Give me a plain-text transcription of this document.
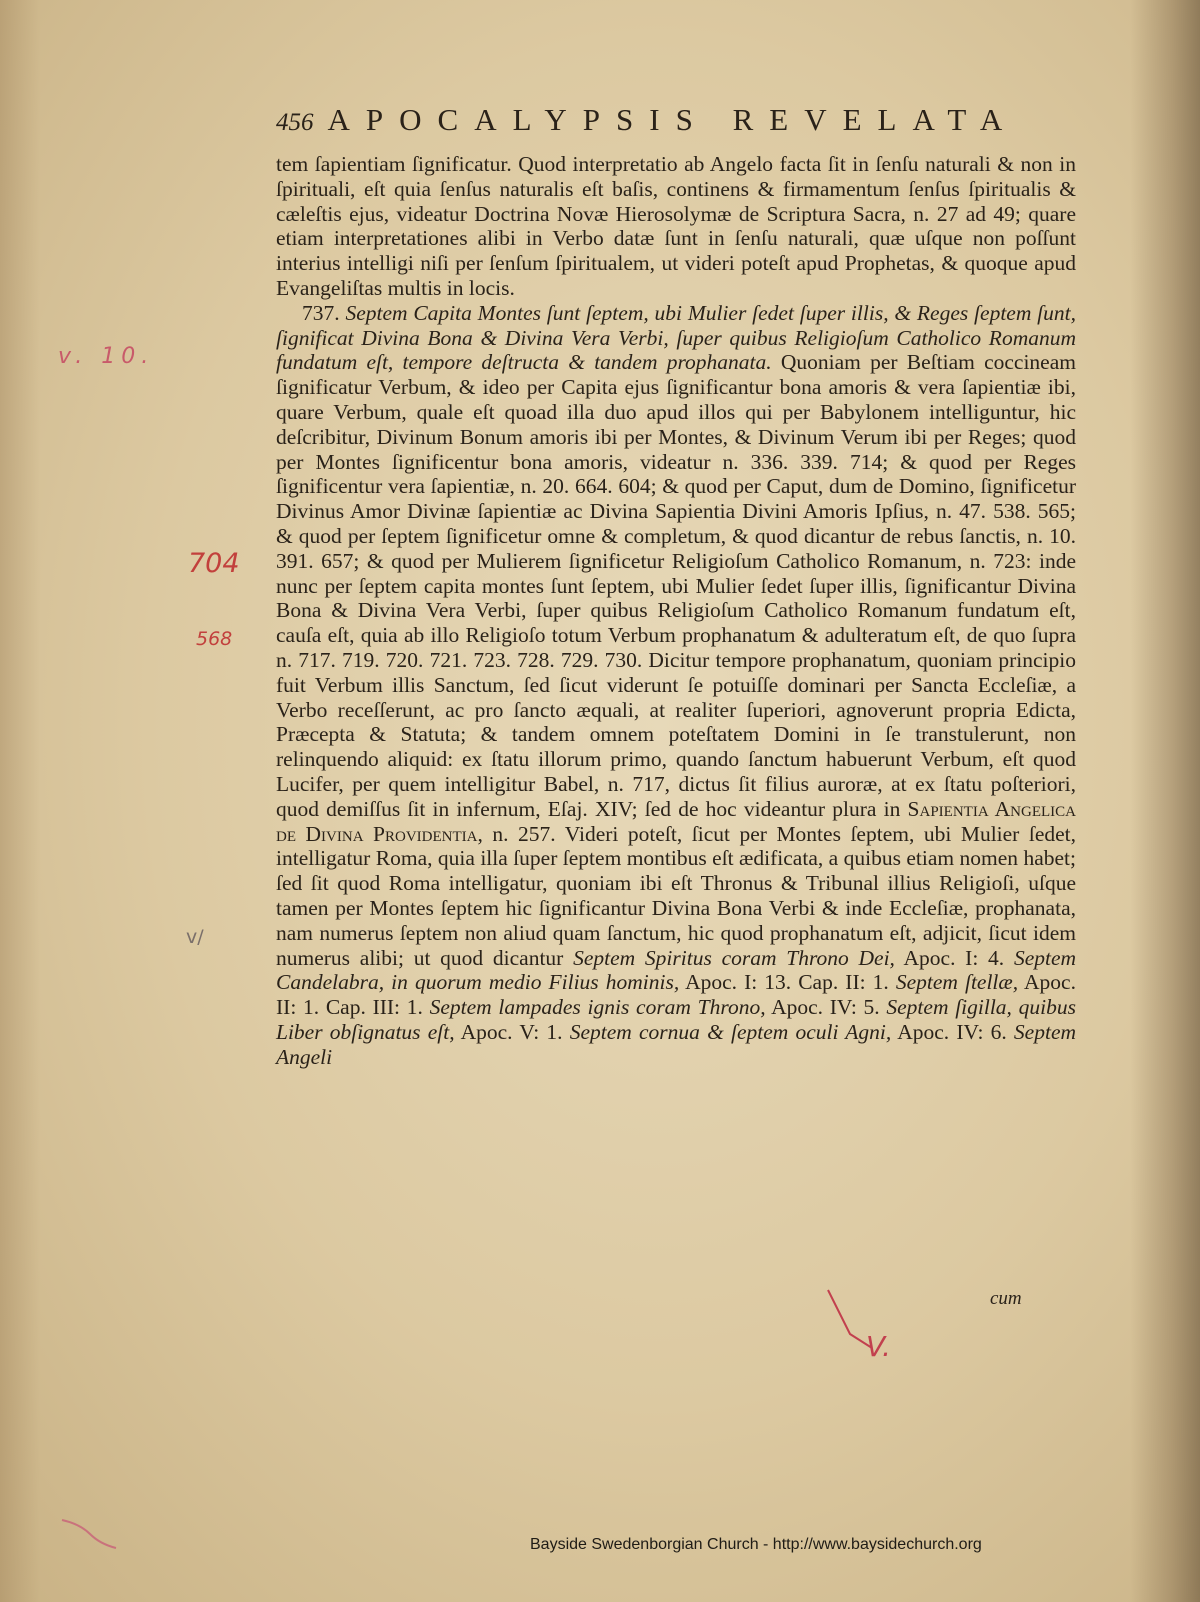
456 APOCALYPSIS REVELATA

tem ſapientiam ſignificatur. Quod interpretatio ab Angelo facta ſit in ſenſu naturali & non in ſpirituali, eſt quia ſenſus naturalis eſt baſis, continens & firmamentum ſenſus ſpiritualis & cæleſtis ejus, videatur Doctrina Novæ Hierosolymæ de Scriptura Sacra, n. 27 ad 49; quare etiam interpretationes alibi in Verbo datæ ſunt in ſenſu naturali, quæ uſque non poſſunt interius intelligi niſi per ſenſum ſpiritualem, ut videri poteſt apud Prophetas, & quoque apud Evangeliſtas multis in locis.

737. Septem Capita Montes ſunt ſeptem, ubi Mulier ſedet ſuper illis, & Reges ſeptem ſunt, ſignificat Divina Bona & Divina Vera Verbi, ſuper quibus Religioſum Catholico Romanum fundatum eſt, tempore deſtructa & tandem prophanata. Quoniam per Beſtiam coccineam ſignificatur Verbum, & ideo per Capita ejus ſignificantur bona amoris & vera ſapientiæ ibi, quare Verbum, quale eſt quoad illa duo apud illos qui per Babylonem intelliguntur, hic deſcribitur, Divinum Bonum amoris ibi per Montes, & Divinum Verum ibi per Reges; quod per Montes ſignificentur bona amoris, videatur n. 336. 339. 714; & quod per Reges ſignificentur vera ſapientiæ, n. 20. 664. 604; & quod per Caput, dum de Domino, ſignificetur Divinus Amor Divinæ ſapientiæ ac Divina Sapientia Divini Amoris Ipſius, n. 47. 538. 565; & quod per ſeptem ſignificetur omne & completum, & quod dicantur de rebus ſanctis, n. 10. 391. 657; & quod per Mulierem ſignificetur Religioſum Catholico Romanum, n. 723: inde nunc per ſeptem capita montes ſunt ſeptem, ubi Mulier ſedet ſuper illis, ſignificantur Divina Bona & Divina Vera Verbi, ſuper quibus Religioſum Catholico Romanum fundatum eſt, cauſa eſt, quia ab illo Religioſo totum Verbum prophanatum & adulteratum eſt, de quo ſupra n. 717. 719. 720. 721. 723. 728. 729. 730. Dicitur tempore prophanatum, quoniam principio fuit Verbum illis Sanctum, ſed ſicut viderunt ſe potuiſſe dominari per Sancta Eccleſiæ, a Verbo receſſerunt, ac pro ſancto æquali, at realiter ſuperiori, agnoverunt propria Edicta, Præcepta & Statuta; & tandem omnem poteſtatem Domini in ſe transtulerunt, non relinquendo aliquid: ex ſtatu illorum primo, quando ſanctum habuerunt Verbum, eſt quod Lucifer, per quem intelligitur Babel, n. 717, dictus ſit filius auroræ, at ex ſtatu poſteriori, quod demiſſus ſit in infernum, Eſaj. XIV; ſed de hoc videantur plura in Sapientia Angelica de Divina Providentia, n. 257. Videri poteſt, ſicut per Montes ſeptem, ubi Mulier ſedet, intelligatur Roma, quia illa ſuper ſeptem montibus eſt ædificata, a quibus etiam nomen habet; ſed ſit quod Roma intelligatur, quoniam ibi eſt Thronus & Tribunal illius Religioſi, uſque tamen per Montes ſeptem hic ſignificantur Divina Bona Verbi & inde Eccleſiæ, prophanata, nam numerus ſeptem non aliud quam ſanctum, hic quod prophanatum eſt, adjicit, ſicut idem numerus alibi; ut quod dicantur Septem Spiritus coram Throno Dei, Apoc. I: 4. Septem Candelabra, in quorum medio Filius hominis, Apoc. I: 13. Cap. II: 1. Septem ſtellæ, Apoc. II: 1. Cap. III: 1. Septem lampades ignis coram Throno, Apoc. IV: 5. Septem ſigilla, quibus Liber obſignatus eſt, Apoc. V: 1. Septem cornua & ſeptem oculi Agni, Apoc. IV: 6. Septem Angeli

cum
v. 10.
704
568
v/
V.
Bayside Swedenborgian Church - http://www.baysidechurch.org
